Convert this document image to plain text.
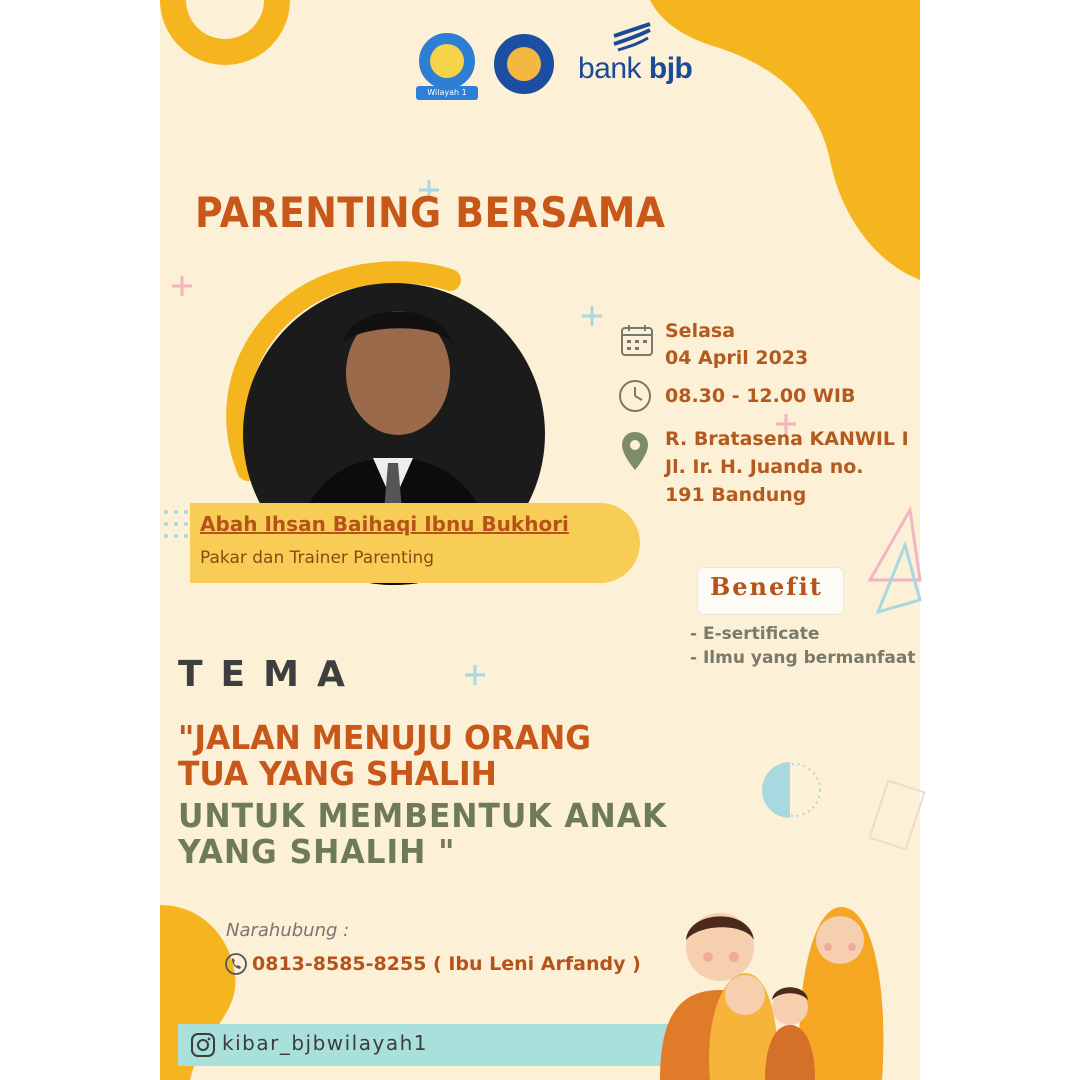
Wilayah 1
bank bjb
PARENTING BERSAMA
Abah Ihsan Baihaqi Ibnu Bukhori
Pakar dan Trainer Parenting
Selasa
04 April 2023
08.30 - 12.00 WIB
R. Bratasena KANWIL I
Jl. Ir. H. Juanda no.
191 Bandung
Benefit
- E-sertificate
- Ilmu yang bermanfaat
TEMA
"JALAN MENUJU ORANG
TUA YANG SHALIH
UNTUK MEMBENTUK ANAK
YANG SHALIH "
Narahubung :
0813-8585-8255 ( Ibu Leni Arfandy )
kibar_bjbwilayah1
